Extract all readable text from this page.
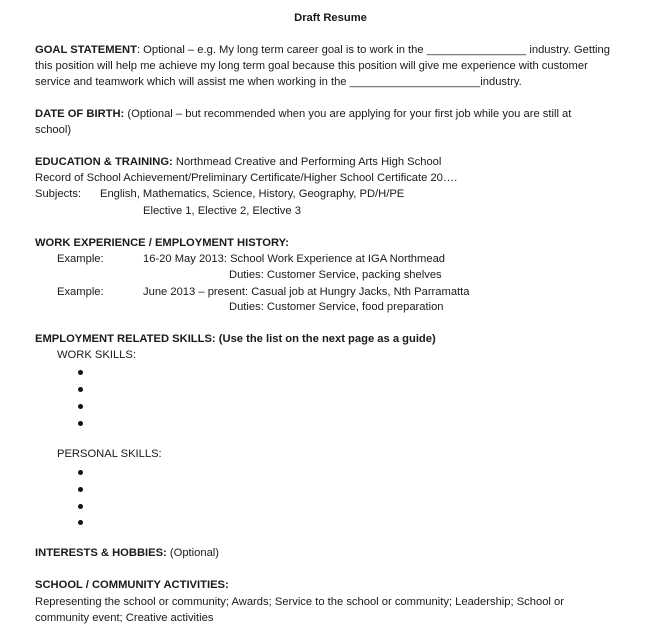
Draft Resume
GOAL STATEMENT: Optional – e.g. My long term career goal is to work in the ________________ industry. Getting
this position will help me achieve my long term goal because this position will give me experience with customer
service and teamwork which will assist me when working in the _____________________industry.
DATE OF BIRTH: (Optional – but recommended when you are applying for your first job while you are still at
school)
EDUCATION & TRAINING: Northmead Creative and Performing Arts High School
Record of School Achievement/Preliminary Certificate/Higher School Certificate 20….
Subjects: English, Mathematics, Science, History, Geography, PD/H/PE
Elective 1, Elective 2, Elective 3
WORK EXPERIENCE / EMPLOYMENT HISTORY:
Example:	16-20 May 2013: School Work Experience at IGA Northmead
Duties: Customer Service, packing shelves
Example:	June 2013 – present: Casual job at Hungry Jacks, Nth Parramatta
Duties: Customer Service, food preparation
EMPLOYMENT RELATED SKILLS: (Use the list on the next page as a guide)
WORK SKILLS:
PERSONAL SKILLS:
INTERESTS & HOBBIES: (Optional)
SCHOOL / COMMUNITY ACTIVITIES:
Representing the school or community; Awards; Service to the school or community; Leadership; School or
community event; Creative activities
